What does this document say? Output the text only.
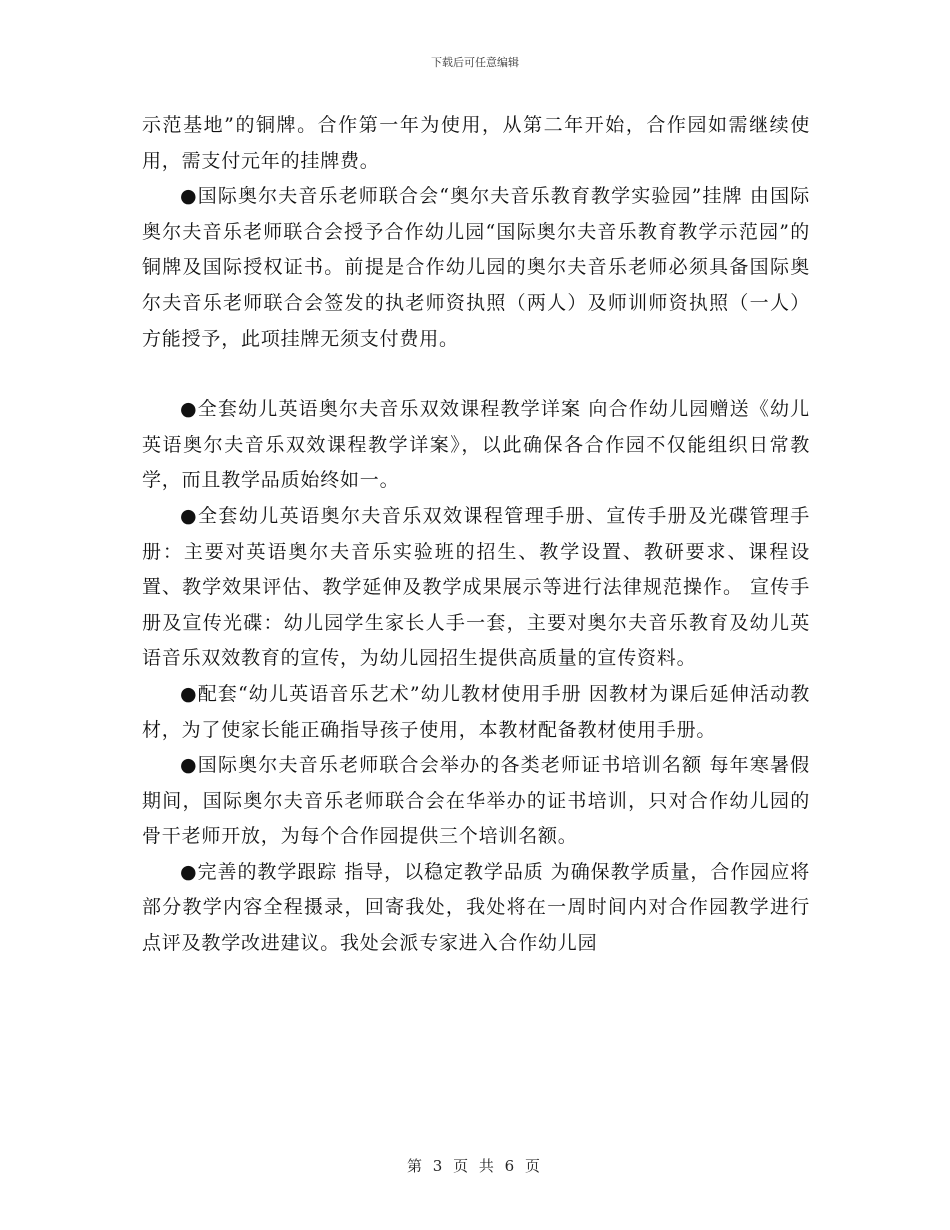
下载后可任意编辑

示范基地”的铜牌。合作第一年为使用，从第二年开始，合作园如需继续使用，需支付元年的挂牌费。

●国际奥尔夫音乐老师联合会“奥尔夫音乐教育教学实验园”挂牌 由国际奥尔夫音乐老师联合会授予合作幼儿园“国际奥尔夫音乐教育教学示范园”的铜牌及国际授权证书。前提是合作幼儿园的奥尔夫音乐老师必须具备国际奥尔夫音乐老师联合会签发的执老师资执照（两人）及师训师资执照（一人）方能授予，此项挂牌无须支付费用。

●全套幼儿英语奥尔夫音乐双效课程教学详案 向合作幼儿园赠送《幼儿英语奥尔夫音乐双效课程教学详案》，以此确保各合作园不仅能组织日常教学，而且教学品质始终如一。

●全套幼儿英语奥尔夫音乐双效课程管理手册、宣传手册及光碟管理手册：主要对英语奥尔夫音乐实验班的招生、教学设置、教研要求、课程设置、教学效果评估、教学延伸及教学成果展示等进行法律规范操作。 宣传手册及宣传光碟：幼儿园学生家长人手一套，主要对奥尔夫音乐教育及幼儿英语音乐双效教育的宣传，为幼儿园招生提供高质量的宣传资料。

●配套“幼儿英语音乐艺术”幼儿教材使用手册 因教材为课后延伸活动教材，为了使家长能正确指导孩子使用，本教材配备教材使用手册。

●国际奥尔夫音乐老师联合会举办的各类老师证书培训名额 每年寒暑假期间，国际奥尔夫音乐老师联合会在华举办的证书培训，只对合作幼儿园的骨干老师开放，为每个合作园提供三个培训名额。

●完善的教学跟踪 指导，以稳定教学品质 为确保教学质量，合作园应将部分教学内容全程摄录，回寄我处，我处将在一周时间内对合作园教学进行点评及教学改进建议。我处会派专家进入合作幼儿园

第 3 页 共 6 页
